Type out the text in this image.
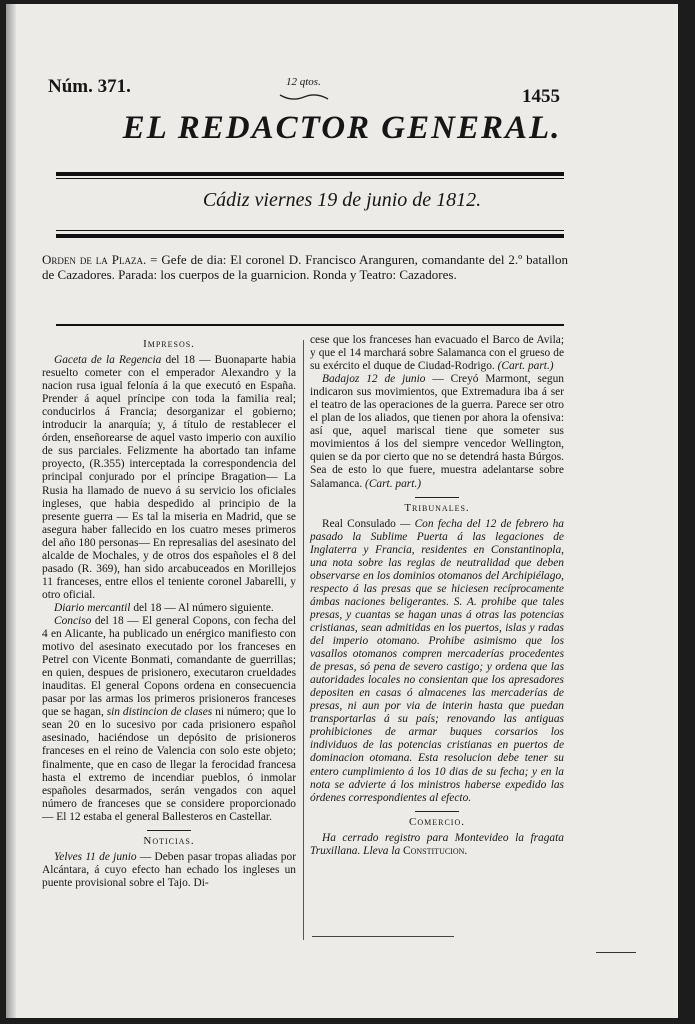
Núm. 371.	12 qtos.
1455
EL REDACTOR GENERAL.
Cádiz viernes 19 de junio de 1812.
Orden de la Plaza. = Gefe de dia: El coronel D. Francisco Aranguren, comandante del 2.º batallon de Cazadores. Parada: los cuerpos de la guarnicion. Ronda y Teatro: Cazadores.
Impresos.

Gaceta de la Regencia del 18 — Buonaparte habia resuelto cometer con el emperador Alexandro y la nacion rusa igual felonía á la que executó en España. Prender á aquel príncipe con toda la familia real; conducirlos á Francia; desorganizar el gobierno; introducir la anarquía; y, á título de restablecer el órden, enseñorearse de aquel vasto imperio con auxilio de sus parciales. Felizmente ha abortado tan infame proyecto, (R.355) interceptada la correspondencia del principal conjurado por el príncipe Bragation— La Rusia ha llamado de nuevo á su servicio los oficiales ingleses, que habia despedido al principio de la presente guerra — Es tal la miseria en Madrid, que se asegura haber fallecido en los cuatro meses primeros del año 180 personas— En represalias del asesinato del alcalde de Mochales, y de otros dos españoles el 8 del pasado (R. 369), han sido arcabuceados en Morillejos 11 franceses, entre ellos el teniente coronel Jabarelli, y otro oficial.

Diario mercantil del 18 — Al número siguiente.

Conciso del 18 — El general Copons, con fecha del 4 en Alicante, ha publicado un enérgico manifiesto con motivo del asesinato executado por los franceses en Petrel con Vicente Bonmati, comandante de guerrillas; en quien, despues de prisionero, executaron crueldades inauditas. El general Copons ordena en consecuencia pasar por las armas los primeros prisioneros franceses que se hagan, sin distincion de clases ni número; que lo sean 20 en lo sucesivo por cada prisionero español asesinado, haciéndose un depósito de prisioneros franceses en el reino de Valencia con solo este objeto; finalmente, que en caso de llegar la ferocidad francesa hasta el extremo de incendiar pueblos, ó inmolar españoles desarmados, serán vengados con aquel número de franceses que se considere proporcionado — El 12 estaba el general Ballesteros en Castellar.

Noticias.

Yelves 11 de junio — Deben pasar tropas aliadas por Alcántara, á cuyo efecto han echado los ingleses un puente provisional sobre el Tajo. Di-

cese que los franceses han evacuado el Barco de Avila; y que el 14 marchará sobre Salamanca con el grueso de su exército el duque de Ciudad-Rodrigo. (Cart. part.)

Badajoz 12 de junio — Creyó Marmont, segun indicaron sus movimientos, que Extremadura iba á ser el teatro de las operaciones de la guerra. Parece ser otro el plan de los aliados, que tienen por ahora la ofensiva: así que, aquel mariscal tiene que someter sus movimientos á los del siempre vencedor Wellington, quien se da por cierto que no se detendrá hasta Búrgos. Sea de esto lo que fuere, muestra adelantarse sobre Salamanca. (Cart. part.)

Tribunales.

Real Consulado — Con fecha del 12 de febrero ha pasado la Sublime Puerta á las legaciones de Inglaterra y Francia, residentes en Constantinopla, una nota sobre las reglas de neutralidad que deben observarse en los dominios otomanos del Archipiélago, respecto á las presas que se hiciesen recíprocamente ámbas naciones beligerantes. S. A. prohibe que tales presas, y cuantas se hagan unas á otras las potencias cristianas, sean admitidas en los puertos, islas y radas del imperio otomano. Prohibe asimismo que los vasallos otomanos compren mercaderías procedentes de presas, só pena de severo castigo; y ordena que las autoridades locales no consientan que los apresadores depositen en casas ó almacenes las mercaderías de presas, ni aun por via de interin hasta que puedan transportarlas á su país; renovando las antiguas prohibiciones de armar buques corsarios los individuos de las potencias cristianas en puertos de dominacion otomana. Esta resolucion debe tener su entero cumplimiento á los 10 dias de su fecha; y en la nota se advierte á los ministros haberse expedido las órdenes correspondientes al efecto.

Comercio.

Ha cerrado registro para Montevideo la fragata Truxillana. Lleva la Constitucion.
